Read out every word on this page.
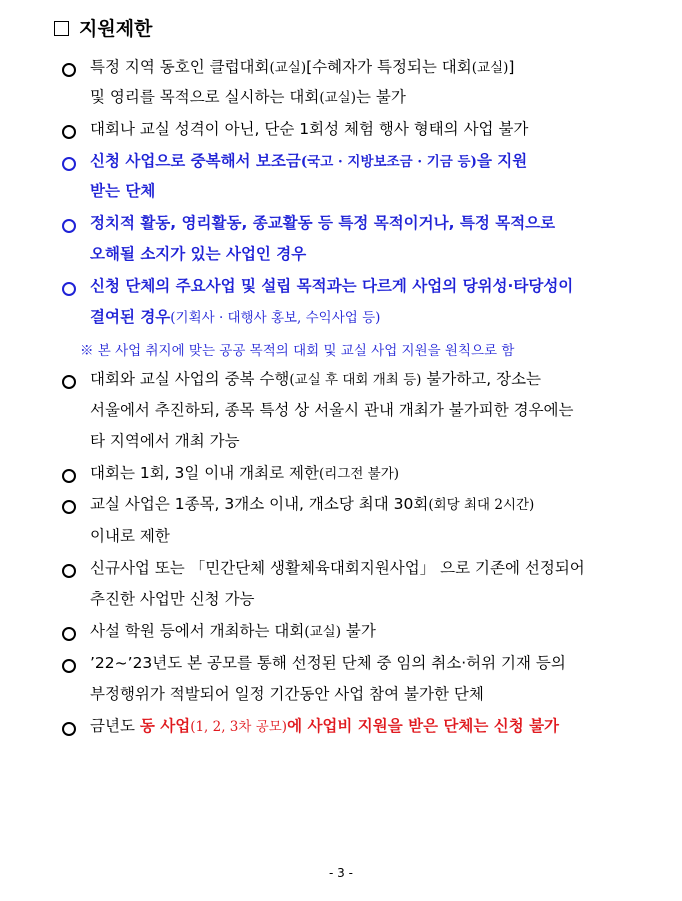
지원제한
특정 지역 동호인 클럽대회(교실)[수혜자가 특정되는 대회(교실)]
및 영리를 목적으로 실시하는 대회(교실)는 불가
대회나 교실 성격이 아닌, 단순 1회성 체험 행사 형태의 사업 불가
신청 사업으로 중복해서 보조금(국고 · 지방보조금 · 기금 등)을 지원
받는 단체
정치적 활동, 영리활동, 종교활동 등 특정 목적이거나, 특정 목적으로
오해될 소지가 있는 사업인 경우
신청 단체의 주요사업 및 설립 목적과는 다르게 사업의 당위성·타당성이
결여된 경우(기획사 · 대행사 홍보, 수익사업 등)
※ 본 사업 취지에 맞는 공공 목적의 대회 및 교실 사업 지원을 원칙으로 함
대회와 교실 사업의 중복 수행(교실 후 대회 개최 등) 불가하고, 장소는
서울에서 추진하되, 종목 특성 상 서울시 관내 개최가 불가피한 경우에는
타 지역에서 개최 가능
대회는 1회, 3일 이내 개최로 제한(리그전 불가)
교실 사업은 1종목, 3개소 이내, 개소당 최대 30회(회당 최대 2시간)
이내로 제한
신규사업 또는 「민간단체 생활체육대회지원사업」 으로 기존에 선정되어
추진한 사업만 신청 가능
사설 학원 등에서 개최하는 대회(교실) 불가
’22~’23년도 본 공모를 통해 선정된 단체 중 임의 취소·허위 기재 등의
부정행위가 적발되어 일정 기간동안 사업 참여 불가한 단체
금년도 동 사업(1, 2, 3차 공모)에 사업비 지원을 받은 단체는 신청 불가
- 3 -
